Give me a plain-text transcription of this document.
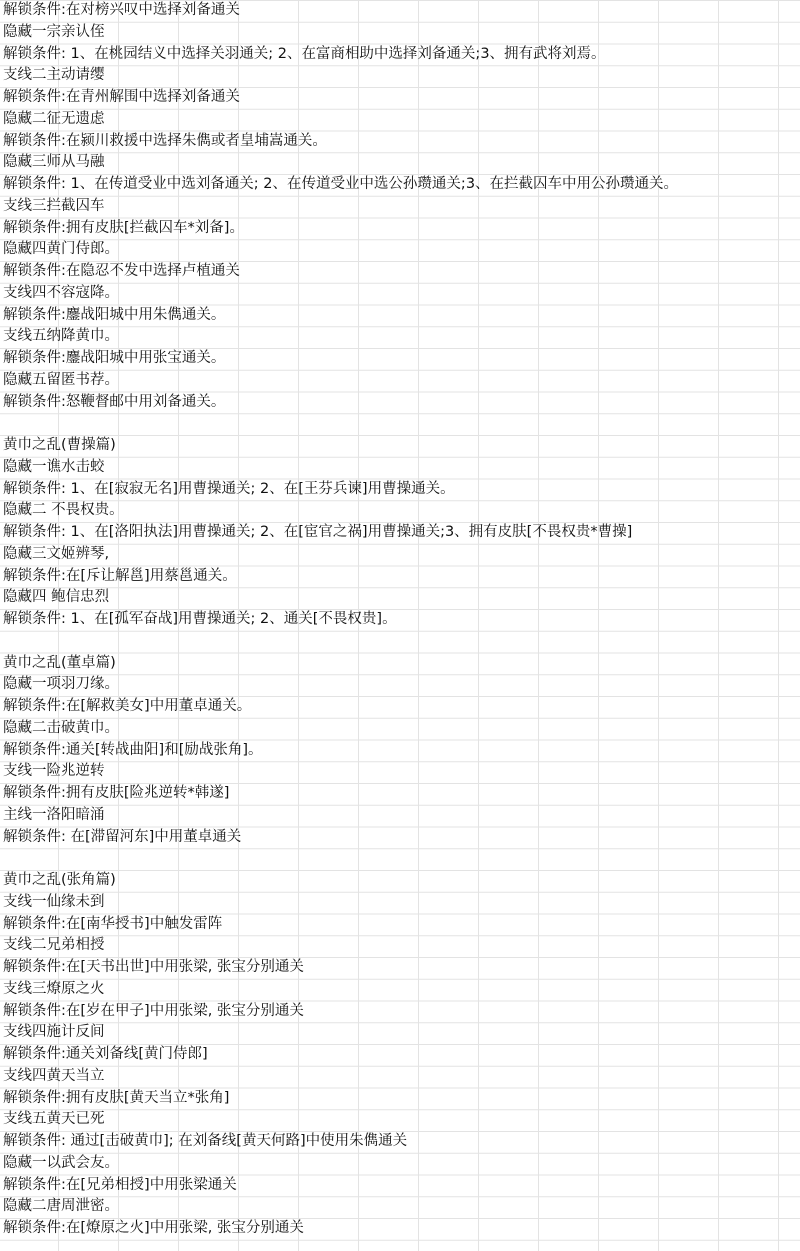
解锁条件:在对榜兴叹中选择刘备通关
隐藏一宗亲认侄
解锁条件: 1、在桃园结义中选择关羽通关; 2、在富商相助中选择刘备通关;3、拥有武将刘焉。
支线二主动请缨
解锁条件:在青州解围中选择刘备通关
隐藏二征无遗虑
解锁条件:在颍川救援中选择朱儁或者皇埔嵩通关。
隐藏三师从马融
解锁条件: 1、在传道受业中选刘备通关; 2、在传道受业中选公孙瓒通关;3、在拦截囚车中用公孙瓒通关。
支线三拦截囚车
解锁条件:拥有皮肤[拦截囚车*刘备]。
隐藏四黄门侍郎。
解锁条件:在隐忍不发中选择卢植通关
支线四不容寇降。
解锁条件:鏖战阳城中用朱儁通关。
支线五纳降黄巾。
解锁条件:鏖战阳城中用张宝通关。
隐藏五留匿书荐。
解锁条件:怒鞭督邮中用刘备通关。
黄巾之乱(曹操篇)
隐藏一谯水击蛟
解锁条件: 1、在[寂寂无名]用曹操通关; 2、在[王芬兵谏]用曹操通关。
隐藏二 不畏权贵。
解锁条件: 1、在[洛阳执法]用曹操通关; 2、在[宦官之祸]用曹操通关;3、拥有皮肤[不畏权贵*曹操]
隐藏三文姬辨琴,
解锁条件:在[斥让解邕]用蔡邕通关。
隐藏四 鲍信忠烈
解锁条件: 1、在[孤军奋战]用曹操通关; 2、通关[不畏权贵]。
黄巾之乱(董卓篇)
隐藏一项羽刀缘。
解锁条件:在[解救美女]中用董卓通关。
隐藏二击破黄巾。
解锁条件:通关[转战曲阳]和[励战张角]。
支线一险兆逆转
解锁条件:拥有皮肤[险兆逆转*韩遂]
主线一洛阳暗涌
解锁条件: 在[滞留河东]中用董卓通关
黄巾之乱(张角篇)
支线一仙缘未到
解锁条件:在[南华授书]中触发雷阵
支线二兄弟相授
解锁条件:在[天书出世]中用张梁, 张宝分别通关
支线三燎原之火
解锁条件:在[岁在甲子]中用张梁, 张宝分别通关
支线四施计反间
解锁条件:通关刘备线[黄门侍郎]
支线四黄天当立
解锁条件:拥有皮肤[黄天当立*张角]
支线五黄天已死
解锁条件: 通过[击破黄巾]; 在刘备线[黄天何路]中使用朱儁通关
隐藏一以武会友。
解锁条件:在[兄弟相授]中用张梁通关
隐藏二唐周泄密。
解锁条件:在[燎原之火]中用张梁, 张宝分别通关
